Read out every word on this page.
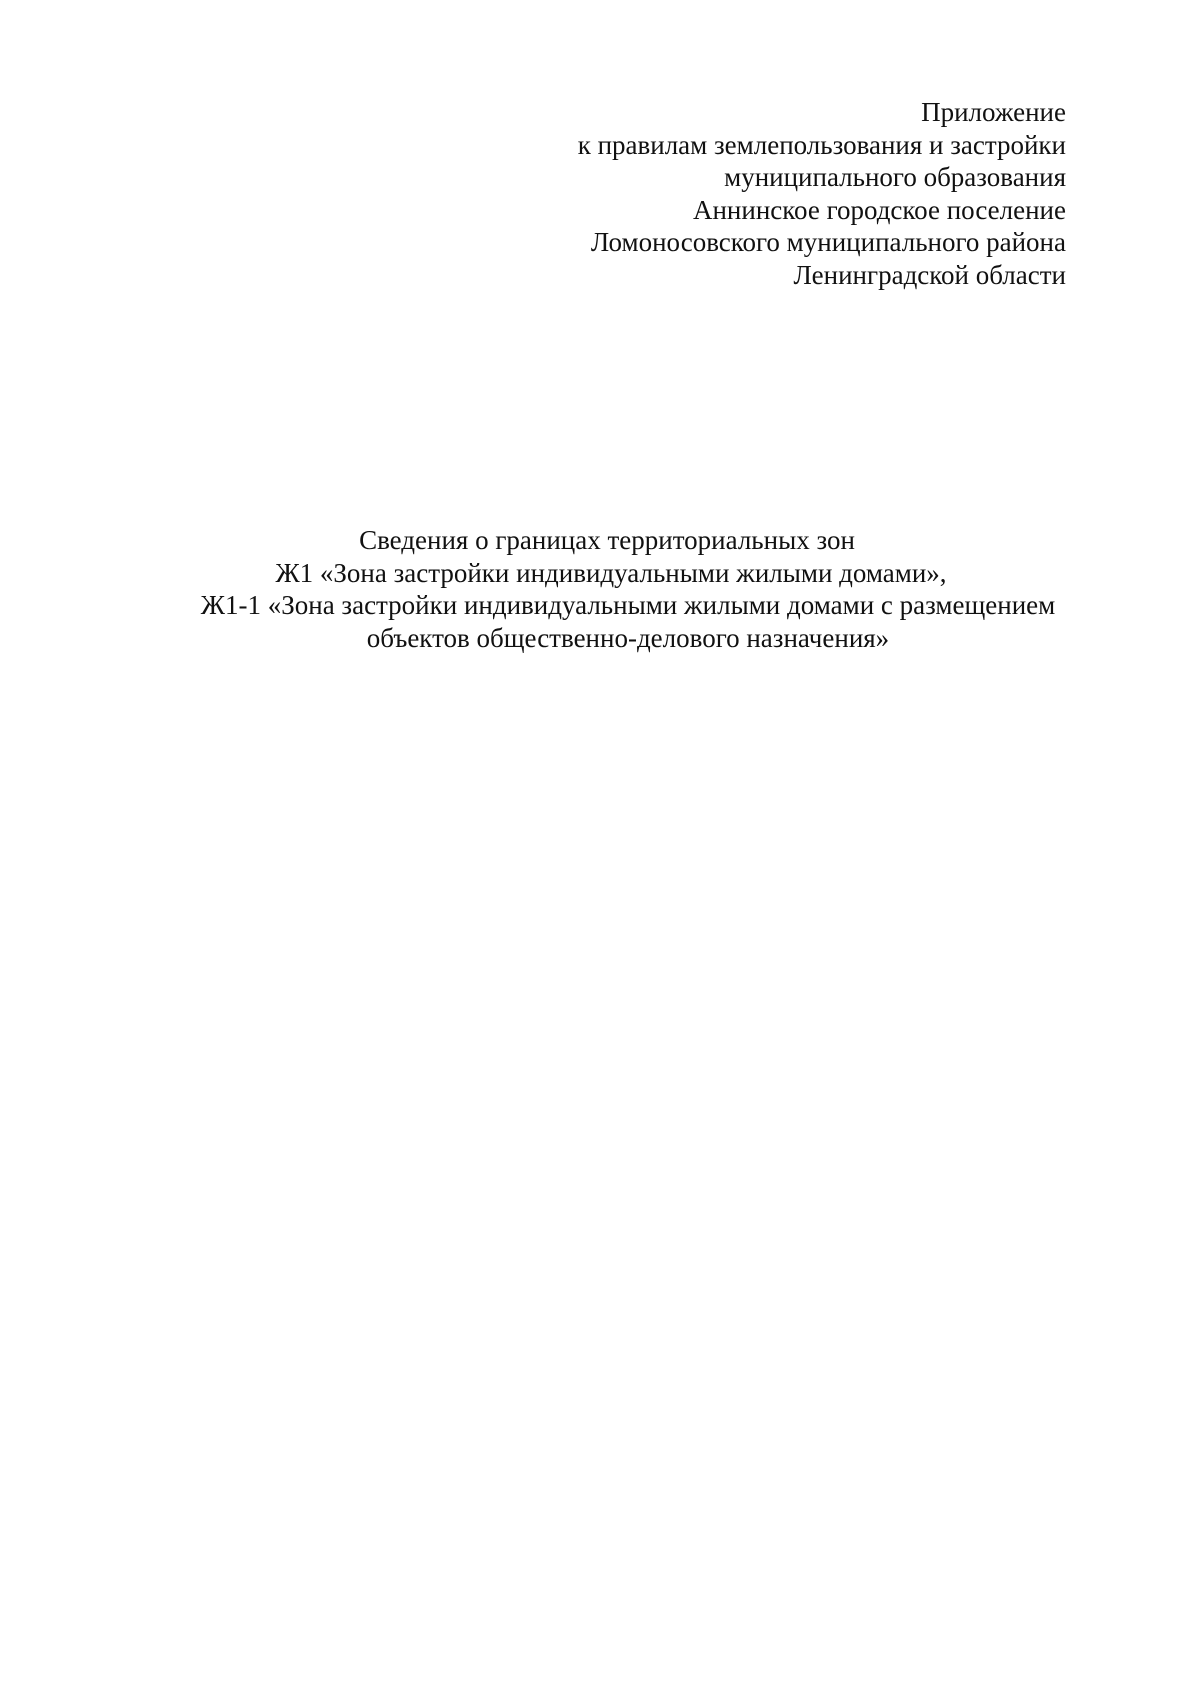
Приложение
к правилам землепользования и застройки
муниципального образования
Аннинское городское поселение
Ломоносовского муниципального района
Ленинградской области
Сведения о границах территориальных зон
Ж1 «Зона застройки индивидуальными жилыми домами»,
Ж1-1 «Зона застройки индивидуальными жилыми домами с размещением
объектов общественно-делового назначения»
